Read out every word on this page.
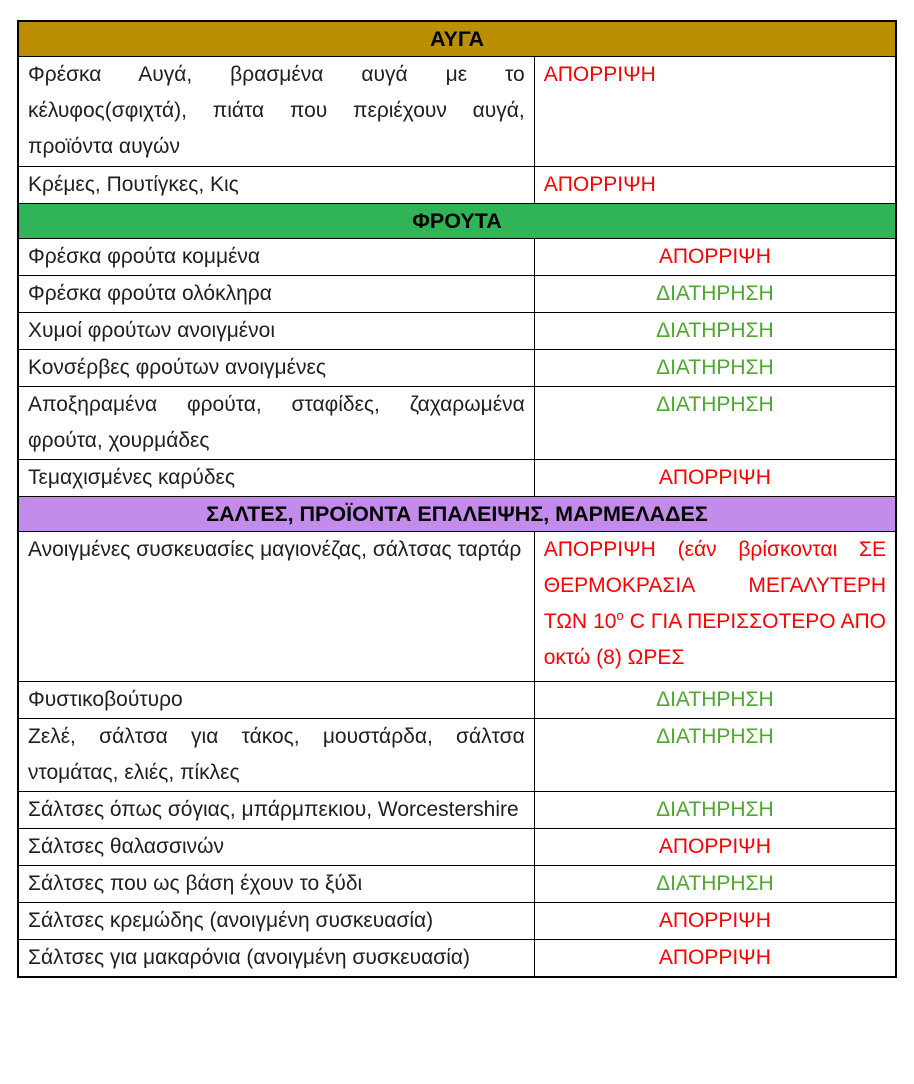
ΑΥΓΑ	
Φρέσκα Αυγά, βρασμένα αυγά με το κέλυφος(σφιχτά), πιάτα που περιέχουν αυγά, προϊόντα αυγών	ΑΠΟΡΡΙΨΗ
Κρέμες, Πουτίγκες, Κις	ΑΠΟΡΡΙΨΗ
ΦΡΟΥΤΑ	
Φρέσκα φρούτα κομμένα	ΑΠΟΡΡΙΨΗ
Φρέσκα φρούτα ολόκληρα	ΔΙΑΤΗΡΗΣΗ
Χυμοί φρούτων ανοιγμένοι	ΔΙΑΤΗΡΗΣΗ
Κονσέρβες φρούτων ανοιγμένες	ΔΙΑΤΗΡΗΣΗ
Αποξηραμένα φρούτα, σταφίδες, ζαχαρωμένα φρούτα, χουρμάδες	ΔΙΑΤΗΡΗΣΗ
Τεμαχισμένες καρύδες	ΑΠΟΡΡΙΨΗ
ΣΑΛΤΕΣ, ΠΡΟΪΟΝΤΑ ΕΠΑΛΕΙΨΗΣ, ΜΑΡΜΕΛΑΔΕΣ	
Ανοιγμένες συσκευασίες μαγιονέζας, σάλτσας ταρτάρ	ΑΠΟΡΡΙΨΗ (εάν βρίσκονται ΣΕ ΘΕΡΜΟΚΡΑΣΙΑ ΜΕΓΑΛΥΤΕΡΗ ΤΩΝ $10^o$ C ΓΙΑ ΠΕΡΙΣΣΟΤΕΡΟ ΑΠΟ οκτώ (8) ΩΡΕΣ
Φυστικοβούτυρο	ΔΙΑΤΗΡΗΣΗ
Ζελέ, σάλτσα για τάκος, μουστάρδα, σάλτσα ντομάτας, ελιές, πίκλες	ΔΙΑΤΗΡΗΣΗ
Σάλτσες όπως σόγιας, μπάρμπεκιου, Worcestershire	ΔΙΑΤΗΡΗΣΗ
Σάλτσες θαλασσινών	ΑΠΟΡΡΙΨΗ
Σάλτσες που ως βάση έχουν το ξύδι	ΔΙΑΤΗΡΗΣΗ
Σάλτσες κρεμώδης (ανοιγμένη συσκευασία)	ΑΠΟΡΡΙΨΗ
Σάλτσες για μακαρόνια (ανοιγμένη συσκευασία)	ΑΠΟΡΡΙΨΗ
